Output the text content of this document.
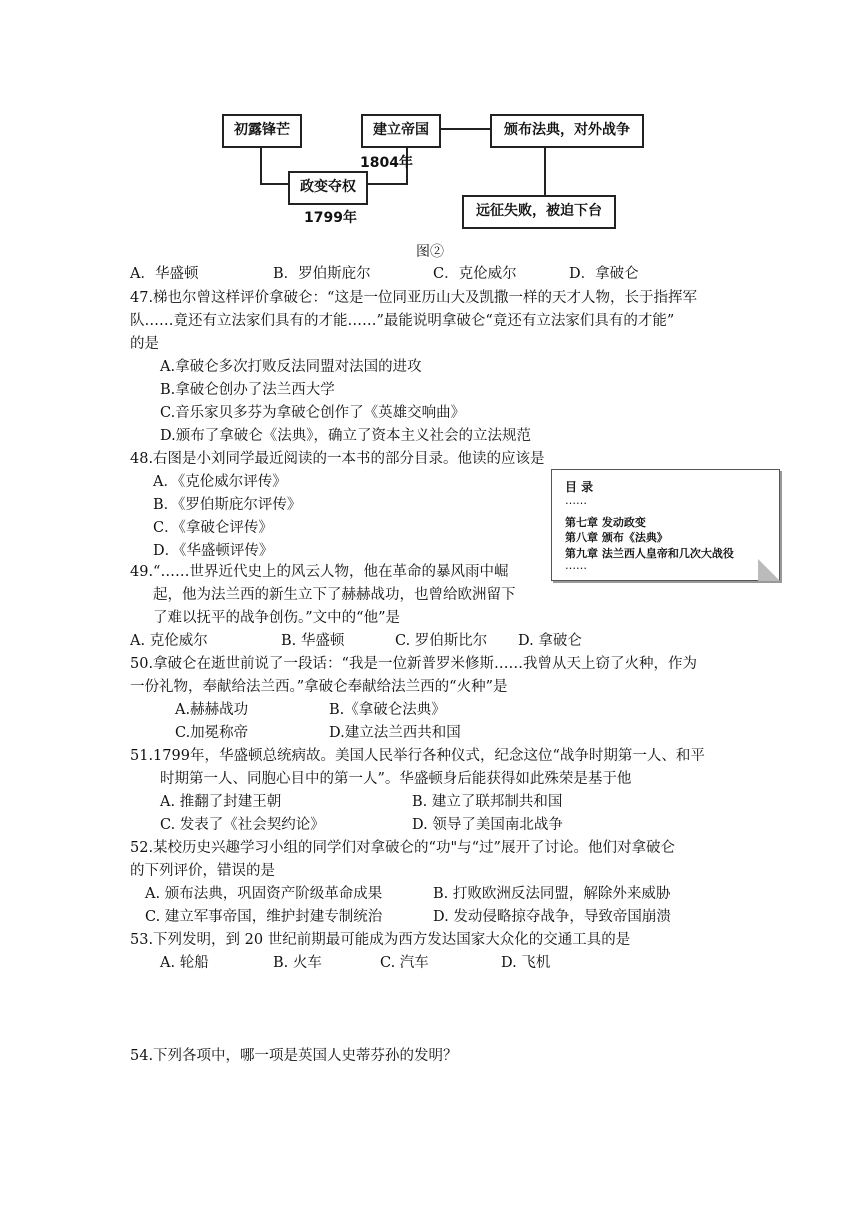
初露锋芒
政变夺权
建立帝国	颁布法典，对外战争
远征失败，被迫下台
1804年
1799年
图②
A．华盛顿	B．罗伯斯庇尔	C．克伦威尔	D．拿破仑
47.梯也尔曾这样评价拿破仑：“这是一位同亚历山大及凯撒一样的天才人物，长于指挥军
队……竟还有立法家们具有的才能……”最能说明拿破仑“竟还有立法家们具有的才能”
的是
A.拿破仑多次打败反法同盟对法国的进攻
B.拿破仑创办了法兰西大学
C.音乐家贝多芬为拿破仑创作了《英雄交响曲》
D.颁布了拿破仑《法典》，确立了资本主义社会的立法规范
48.右图是小刘同学最近阅读的一本书的部分目录。他读的应该是
A．《克伦威尔评传》
B．《罗伯斯庇尔评传》
C．《拿破仑评传》
D．《华盛顿评传》
目 录
……
第七章 发动政变
第八章 颁布《法典》
第九章 法兰西人皇帝和几次大战役
……
49.“……世界近代史上的风云人物，他在革命的暴风雨中崛
起，他为法兰西的新生立下了赫赫战功，也曾给欧洲留下
了难以抚平的战争创伤。”文中的“他”是
A. 克伦威尔	B. 华盛顿	C. 罗伯斯比尔 D. 拿破仑
50.拿破仑在逝世前说了一段话：“我是一位新普罗米修斯……我曾从天上窃了火种，作为
一份礼物，奉献给法兰西。”拿破仑奉献给法兰西的“火种”是
A.赫赫战功	B.《拿破仑法典》
C.加冕称帝	D.建立法兰西共和国
51.1799年，华盛顿总统病故。美国人民举行各种仪式，纪念这位“战争时期第一人、和平
时期第一人、同胞心目中的第一人”。华盛顿身后能获得如此殊荣是基于他
A. 推翻了封建王朝	B. 建立了联邦制共和国
C. 发表了《社会契约论》	D. 领导了美国南北战争
52.某校历史兴趣学习小组的同学们对拿破仑的“功"与“过”展开了讨论。他们对拿破仑
的下列评价，错误的是
A. 颁布法典，巩固资产阶级革命成果	B. 打败欧洲反法同盟，解除外来威胁
C. 建立军事帝国，维护封建专制统治	D. 发动侵略掠夺战争，导致帝国崩溃
53.下列发明，到 20 世纪前期最可能成为西方发达国家大众化的交通工具的是
A. 轮船	B. 火车	C. 汽车	D. 飞机
54.下列各项中，哪一项是英国人史蒂芬孙的发明？
